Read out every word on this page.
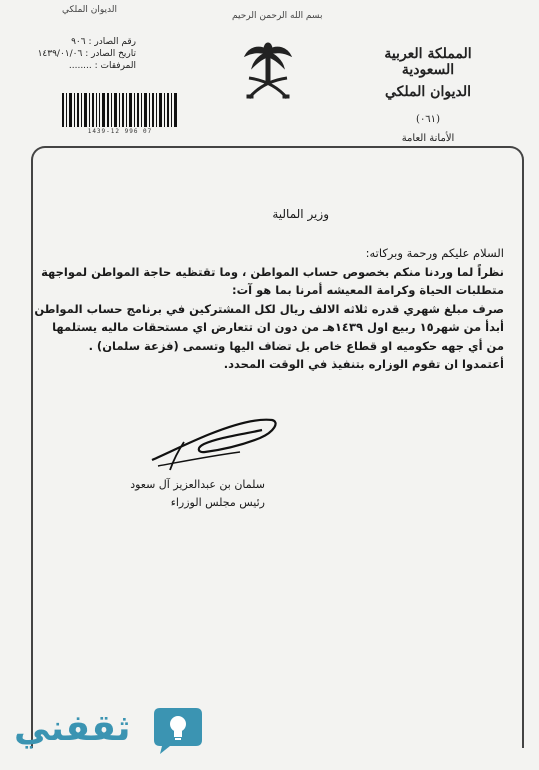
الديوان الملكي
بسم الله الرحمن الرحيم
رقم الصادر : ٩٠٦
تاريخ الصادر : ١٤٣٩/٠١/٠٦
المرفقات : ........
1439-12 996 07
المملكة العربية السعودية
الديوان الملكي
(٠٦١)
الأمانة العامة
وزير المالية
السلام عليكم ورحمة وبركاته:
نظراً لما وردنا منكم بخصوص حساب المواطن ، وما تقتظيه حاجة المواطن لمواجهة
متطلبات الحياة وكرامة المعيشه أمرنا بما هو آت:
صرف مبلغ شهري قدره ثلاثه الالف ريال لكل المشتركين في برنامج حساب المواطن
أبدأ من شهر١٥ ربيع اول ١٤٣٩هـ من دون ان تتعارض اي مستحقات ماليه يستلمها
من أي جهه حكوميه او قطاع خاص بل تضاف اليها وتسمى (فزعة سلمان) .
أعتمدوا ان تقوم الوزاره بتنفيذ في الوقت المحدد.
سلمان بن عبدالعزيز آل سعود
رئيس مجلس الوزراء
ثقفني
